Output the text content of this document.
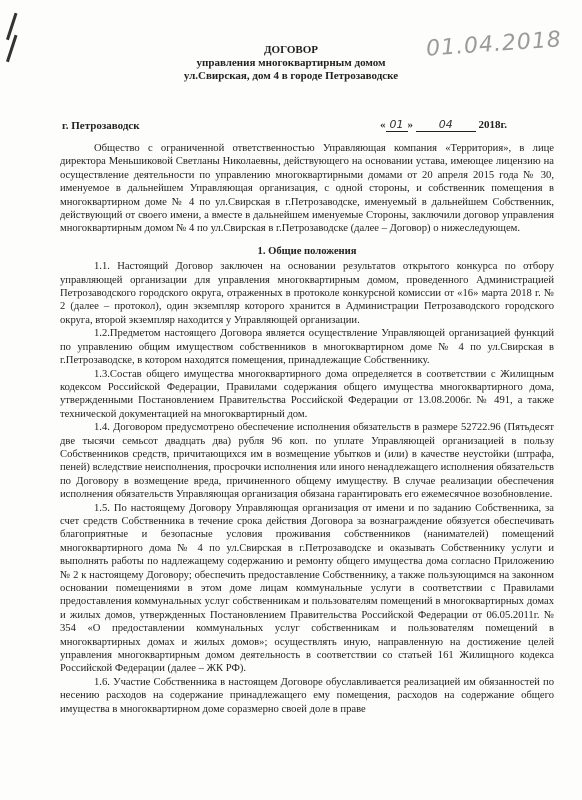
01.04.2018
ДОГОВОР
управления многоквартирным домом
ул.Свирская, дом 4 в городе Петрозаводске
г. Петрозаводск	« 01 » 04 2018г.

Общество с ограниченной ответственностью Управляющая компания «Территория», в лице директора Меньшиковой Светланы Николаевны, действующего на основании устава, имеющее лицензию на осуществление деятельности по управлению многоквартирными домами от 20 апреля 2015 года № 30, именуемое в дальнейшем Управляющая организация, с одной стороны, и собственник помещения в многоквартирном доме № 4 по ул.Свирская в г.Петрозаводске, именуемый в дальнейшем Собственник, действующий от своего имени, а вместе в дальнейшем именуемые Стороны, заключили договор управления многоквартирным домом № 4 по ул.Свирская в г.Петрозаводске (далее – Договор) о нижеследующем.

1. Общие положения

1.1. Настоящий Договор заключен на основании результатов открытого конкурса по отбору управляющей организации для управления многоквартирным домом, проведенного Администрацией Петрозаводского городского округа, отраженных в протоколе конкурсной комиссии от «16» марта 2018 г. № 2 (далее – протокол), один экземпляр которого хранится в Администрации Петрозаводского городского округа, второй экземпляр находится у Управляющей организации.

1.2.Предметом настоящего Договора является осуществление Управляющей организацией функций по управлению общим имуществом собственников в многоквартирном доме № 4 по ул.Свирская в г.Петрозаводске, в котором находятся помещения, принадлежащие Собственнику.

1.3.Состав общего имущества многоквартирного дома определяется в соответствии с Жилищным кодексом Российской Федерации, Правилами содержания общего имущества многоквартирного дома, утвержденными Постановлением Правительства Российской Федерации от 13.08.2006г. № 491, а также технической документацией на многоквартирный дом.

1.4. Договором предусмотрено обеспечение исполнения обязательств в размере 52722.96 (Пятьдесят две тысячи семьсот двадцать два) рубля 96 коп. по уплате Управляющей организацией в пользу Собственников средств, причитающихся им в возмещение убытков и (или) в качестве неустойки (штрафа, пеней) вследствие неисполнения, просрочки исполнения или иного ненадлежащего исполнения обязательств по Договору в возмещение вреда, причиненного общему имуществу. В случае реализации обеспечения исполнения обязательств Управляющая организация обязана гарантировать его ежемесячное возобновление.

1.5. По настоящему Договору Управляющая организация от имени и по заданию Собственника, за счет средств Собственника в течение срока действия Договора за вознаграждение обязуется обеспечивать благоприятные и безопасные условия проживания собственников (нанимателей) помещений многоквартирного дома № 4 по ул.Свирская в г.Петрозаводске и оказывать Собственнику услуги и выполнять работы по надлежащему содержанию и ремонту общего имущества дома согласно Приложению № 2 к настоящему Договору; обеспечить предоставление Собственнику, а также пользующимся на законном основании помещениями в этом доме лицам коммунальные услуги в соответствии с Правилами предоставления коммунальных услуг собственникам и пользователям помещений в многоквартирных домах и жилых домов, утвержденных Постановлением Правительства Российской Федерации от 06.05.2011г. № 354 «О предоставлении коммунальных услуг собственникам и пользователям помещений в многоквартирных домах и жилых домов»; осуществлять иную, направленную на достижение целей управления многоквартирным домом деятельность в соответствии со статьей 161 Жилищного кодекса Российской Федерации (далее – ЖК РФ).

1.6. Участие Собственника в настоящем Договоре обуславливается реализацией им обязанностей по несению расходов на содержание принадлежащего ему помещения, расходов на содержание общего имущества в многоквартирном доме соразмерно своей доле в праве
